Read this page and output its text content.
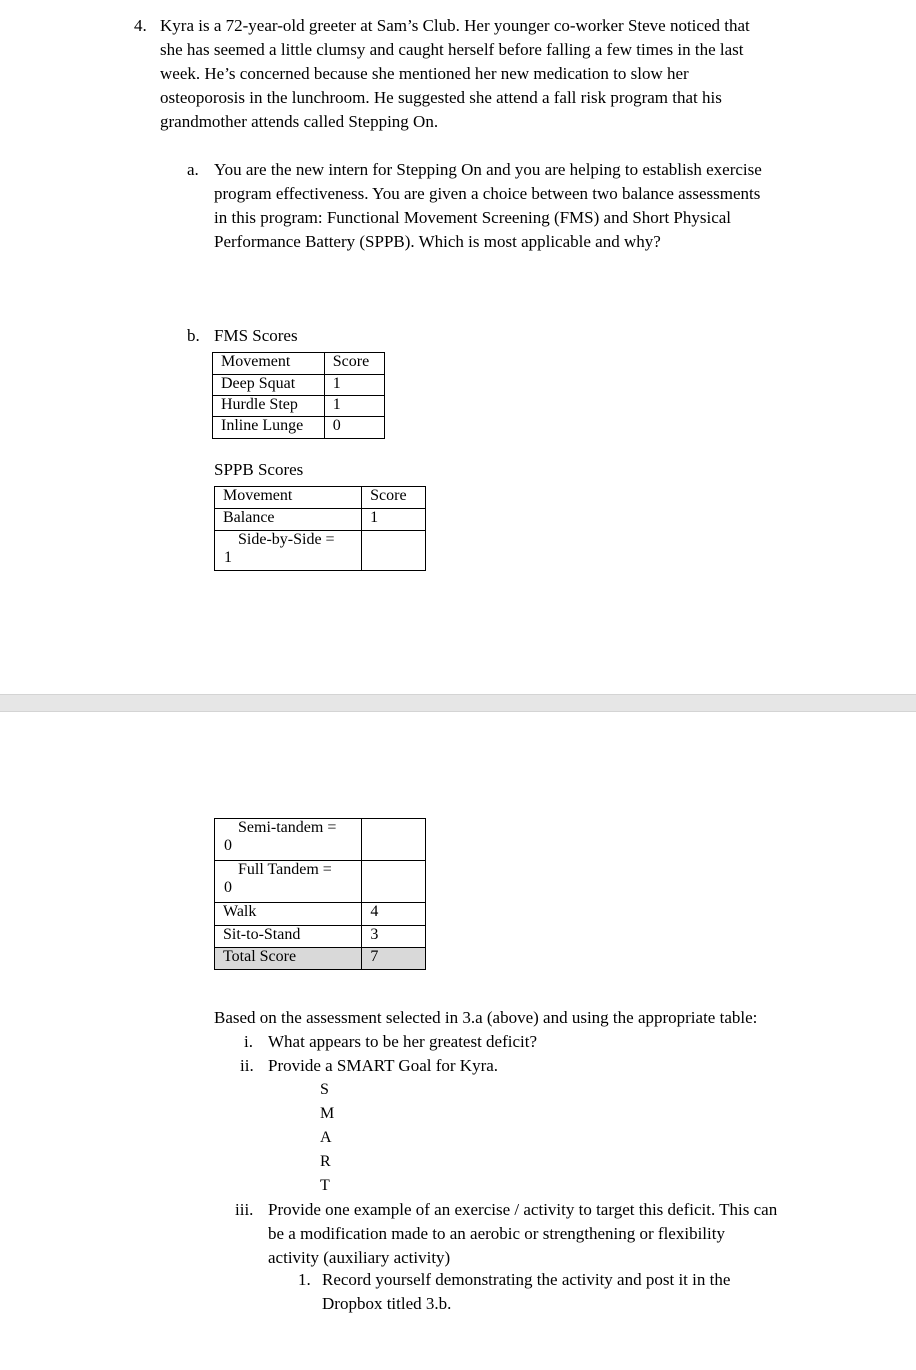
4. Kyra is a 72-year-old greeter at Sam’s Club. Her younger co-worker Steve noticed that
she has seemed a little clumsy and caught herself before falling a few times in the last
week. He’s concerned because she mentioned her new medication to slow her
osteoporosis in the lunchroom. He suggested she attend a fall risk program that his
grandmother attends called Stepping On.
a. You are the new intern for Stepping On and you are helping to establish exercise
program effectiveness. You are given a choice between two balance assessments
in this program: Functional Movement Screening (FMS) and Short Physical
Performance Battery (SPPB). Which is most applicable and why?
b. FMS Scores
Movement	Score
Deep Squat	1
Hurdle Step	1
Inline Lunge	0
SPPB Scores
Movement	Score
Balance	1

Side-by-Side =
1	

Semi-tandem =
0	

Full Tandem =
0	

Walk	4
Sit-to-Stand	3
Total Score	7
Based on the assessment selected in 3.a (above) and using the appropriate table:
i. What appears to be her greatest deficit?
ii. Provide a SMART Goal for Kyra.
S
M
A
R
T
iii. Provide one example of an exercise / activity to target this deficit. This can
be a modification made to an aerobic or strengthening or flexibility
activity (auxiliary activity)
1. Record yourself demonstrating the activity and post it in the
Dropbox titled 3.b.
